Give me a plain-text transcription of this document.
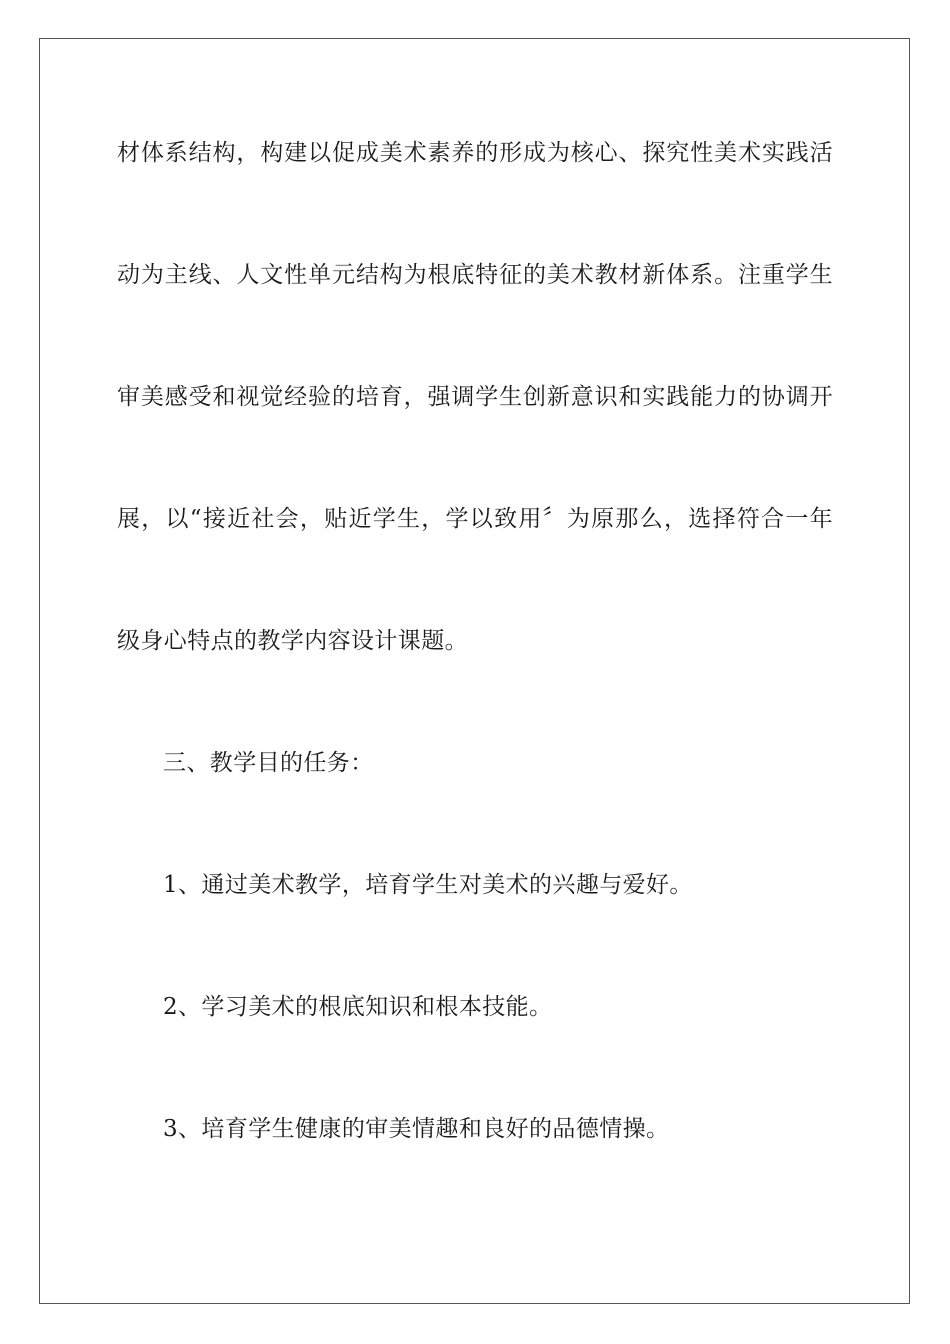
材体系结构，构建以促成美术素养的形成为核心、探究性美术实践活
动为主线、人文性单元结构为根底特征的美术教材新体系。注重学生
审美感受和视觉经验的培育，强调学生创新意识和实践能力的协调开
展，以“接近社会，贴近学生，学以致用〞为原那么，选择符合一年
级身心特点的教学内容设计课题。
三、教学目的任务：
1、通过美术教学，培育学生对美术的兴趣与爱好。
2、学习美术的根底知识和根本技能。
3、培育学生健康的审美情趣和良好的品德情操。
